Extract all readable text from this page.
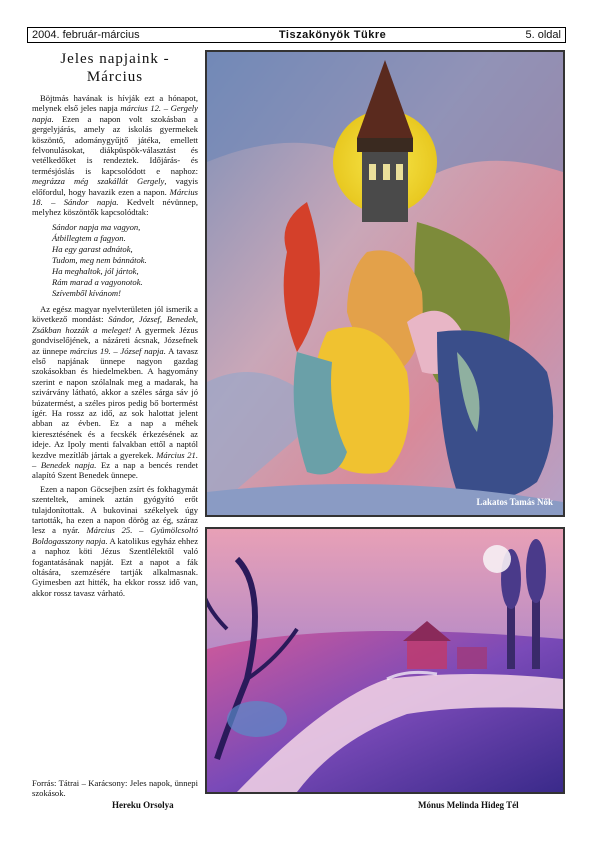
2004. február-március	Tiszakönyök Tükre	5. oldal
Jeles napjaink -
Március

Böjtmás havának is hívják ezt a hónapot, melynek első jeles napja március 12. – Gergely napja. Ezen a napon volt szokásban a gergelyjárás, amely az iskolás gyermekek köszöntő, adománygyűjtő játéka, emellett felvonulásokat, diákpüspök-választást és vetélkedőket is rendeztek. Időjárás- és termésjóslás is kapcsolódott e naphoz: megrázza még szakállát Gergely, vagyis előfordul, hogy havazik ezen a napon. Március 18. – Sándor napja. Kedvelt névünnep, melyhez köszöntők kapcsolódtak:

Sándor napja ma vagyon,
Átbillegtem a fagyon.
Ha egy garast adnátok,
Tudom, meg nem bánnátok.
Ha meghaltok, jól jártok,
Rám marad a vagyonotok.
Szívemből kívánom!

Az egész magyar nyelvterületen jól ismerik a következő mondást: Sándor, József, Benedek, Zsákban hozzák a meleget! A gyermek Jézus gondviselőjének, a názáreti ácsnak, Józsefnek az ünnepe március 19. – József napja. A tavasz első napjának ünnepe nagyon gazdag szokásokban és hiedelmekben. A hagyomány szerint e napon szólalnak meg a madarak, ha szivárvány látható, akkor a széles sárga sáv jó búzatermést, a széles piros pedig bő bortermést ígér. Ha rossz az idő, az sok halottat jelent abban az évben. Ez a nap a méhek kieresztésének és a fecskék érkezésének az ideje. Az Ipoly menti falvakban ettől a naptól kezdve mezítláb jártak a gyerekek. Március 21. – Benedek napja. Ez a nap a bencés rendet alapító Szent Benedek ünnepe.

Ezen a napon Göcsejben zsírt és fokhagymát szenteltek, aminek aztán gyógyító erőt tulajdonítottak. A bukovinai székelyek úgy tartották, ha ezen a napon dörög az ég, száraz lesz a nyár. Március 25. – Gyümölcsoltó Boldogasszony napja. A katolikus egyház ehhez a naphoz köti Jézus Szentlélektől való fogantatásának napját. Ezt a napot a fák oltására, szemzésére tartják alkalmasnak. Gyimesben azt hitték, ha ekkor rossz idő van, akkor rossz tavasz várható.

Forrás: Tátrai – Karácsony: Jeles napok, ünnepi szokások.
Hereku Orsolya
Lakatos Tamás Nők
Mónus Melinda Hideg Tél
